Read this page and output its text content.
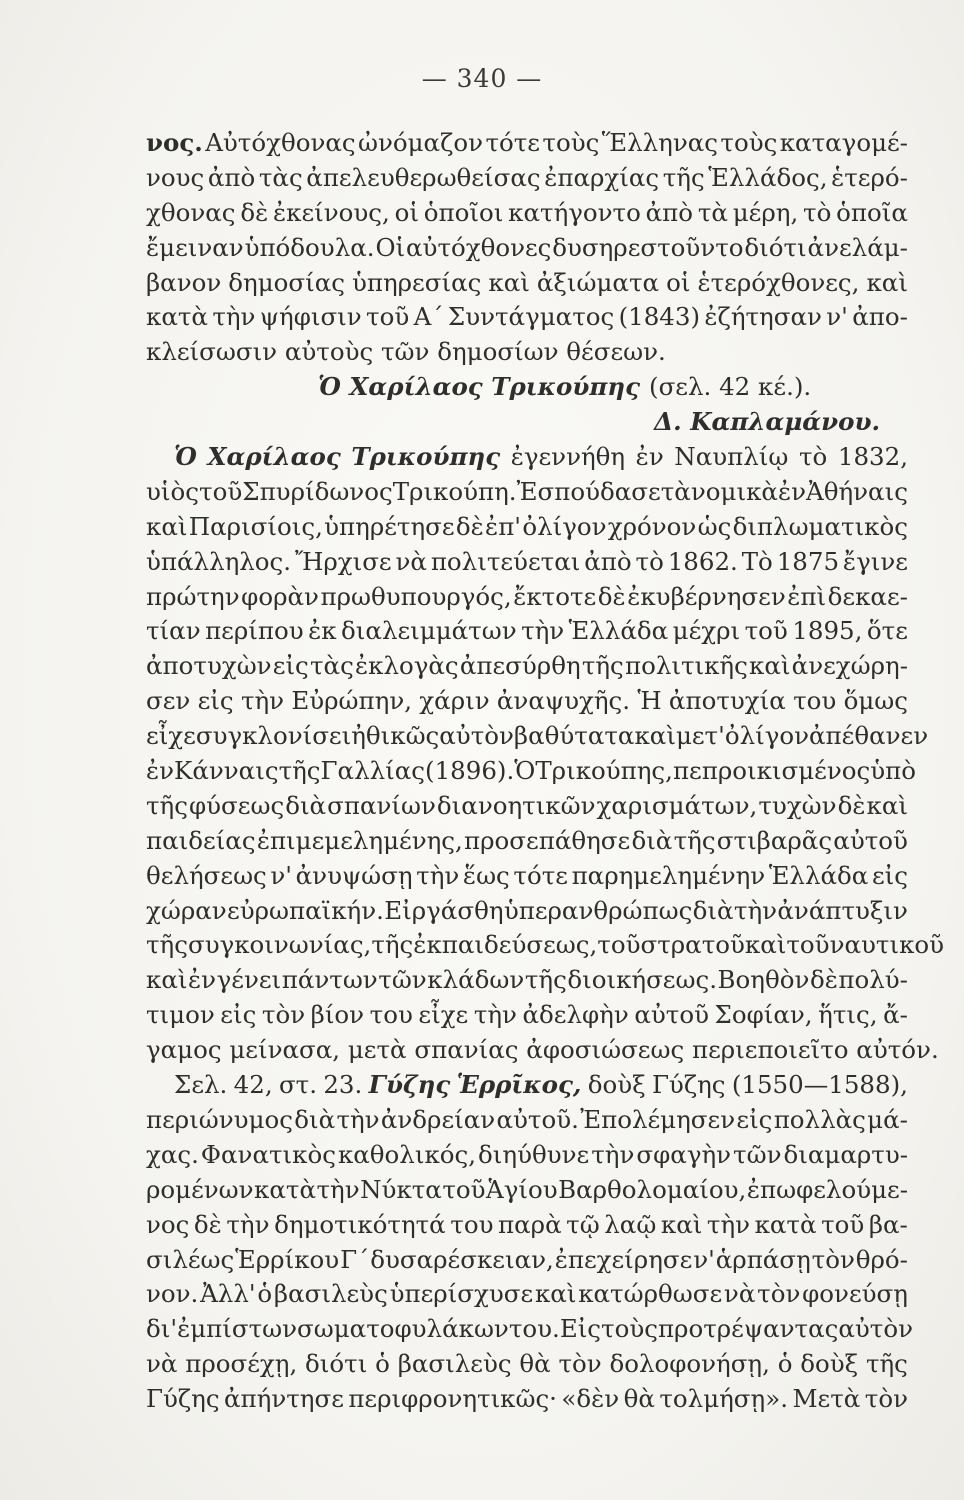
— 340 —
νος. Αὐτόχθονας ὠνόμαζον τότε τοὺς Ἕλληνας τοὺς καταγομέ-
νους ἀπὸ τὰς ἀπελευθερωθείσας ἐπαρχίας τῆς Ἑλλάδος, ἑτερό-
χθονας δὲ ἐκείνους, οἱ ὁποῖοι κατήγοντο ἀπὸ τὰ μέρη, τὸ ὁποῖα
ἔμειναν ὑπόδουλα. Οἱ αὐτόχθονες δυσηρεστοῦντο διότι ἀνελάμ-
βανον δημοσίας ὑπηρεσίας καὶ ἀξιώματα οἱ ἑτερόχθονες, καὶ
κατὰ τὴν ψήφισιν τοῦ Α΄ Συντάγματος (1843) ἐζήτησαν ν' ἀπο-
κλείσωσιν αὐτοὺς τῶν δημοσίων θέσεων.
Ὁ Χαρίλαος Τρικούπης (σελ. 42 κέ.).
Δ. Καπλαμάνου.
Ὁ Χαρίλαος Τρικούπης ἐγεννήθη ἐν Ναυπλίῳ τὸ 1832,
υἱὸς τοῦ Σπυρίδωνος Τρικούπη. Ἐσπούδασε τὰ νομικὰ ἐν Ἀθήναις
καὶ Παρισίοις, ὑπηρέτησε δὲ ἐπ' ὀλίγον χρόνον ὡς διπλωματικὸς
ὑπάλληλος. Ἤρχισε νὰ πολιτεύεται ἀπὸ τὸ 1862. Τὸ 1875 ἔγινε
πρώτην φορὰν πρωθυπουργός, ἔκτοτε δὲ ἐκυβέρνησεν ἐπὶ δεκαε-
τίαν περίπου ἐκ διαλειμμάτων τὴν Ἑλλάδα μέχρι τοῦ 1895, ὅτε
ἀποτυχὼν εἰς τὰς ἐκλογὰς ἀπεσύρθη τῆς πολιτικῆς καὶ ἀνεχώρη-
σεν εἰς τὴν Εὐρώπην, χάριν ἀναψυχῆς. Ἡ ἀποτυχία του ὅμως
εἶχε συγκλονίσει ἠθικῶς αὐτὸν βαθύτατα καὶ μετ' ὀλίγον ἀπέθανεν
ἐν Κάνναις τῆς Γαλλίας (1896). Ὁ Τρικούπης, πεπροικισμένος ὑπὸ
τῆς φύσεως διὰ σπανίων διανοητικῶν χαρισμάτων, τυχὼν δὲ καὶ
παιδείας ἐπιμεμελημένης, προσεπάθησε διὰ τῆς στιβαρᾶς αὐτοῦ
θελήσεως ν' ἀνυψώσῃ τὴν ἕως τότε παρημελημένην Ἑλλάδα εἰς
χώραν εὐρωπαϊκήν. Εἰργάσθη ὑπερανθρώπως διὰ τὴν ἀνάπτυξιν
τῆς συγκοινωνίας, τῆς ἐκπαιδεύσεως, τοῦ στρατοῦ καὶ τοῦ ναυτικοῦ
καὶ ἐν γένει πάντων τῶν κλάδων τῆς διοικήσεως. Βοηθὸν δὲ πολύ-
τιμον εἰς τὸν βίον του εἶχε τὴν ἀδελφὴν αὐτοῦ Σοφίαν, ἥτις, ἄ-
γαμος μείνασα, μετὰ σπανίας ἀφοσιώσεως περιεποιεῖτο αὐτόν.
Σελ. 42, στ. 23. Γύζης Ἑρρῖκος, δοὺξ Γύζης (1550—1588),
περιώνυμος διὰ τὴν ἀνδρείαν αὐτοῦ. Ἐπολέμησεν εἰς πολλὰς μά-
χας. Φανατικὸς καθολικός, διηύθυνε τὴν σφαγὴν τῶν διαμαρτυ-
ρομένων κατὰ τὴν Νύκτα τοῦ Ἁγίου Βαρθολομαίου, ἐπωφελούμε-
νος δὲ τὴν δημοτικότητά του παρὰ τῷ λαῷ καὶ τὴν κατὰ τοῦ βα-
σιλέως Ἑρρίκου Γ΄ δυσαρέσκειαν, ἐπεχείρησε ν' ἁρπάσῃ τὸν θρό-
νον. Ἀλλ' ὁ βασιλεὺς ὑπερίσχυσε καὶ κατώρθωσε νὰ τὸν φονεύσῃ
δι' ἐμπίστων σωματοφυλάκων του. Εἰς τοὺς προτρέψαντας αὐτὸν
νὰ προσέχῃ, διότι ὁ βασιλεὺς θὰ τὸν δολοφονήσῃ, ὁ δοὺξ τῆς
Γύζης ἀπήντησε περιφρονητικῶς· «δὲν θὰ τολμήσῃ». Μετὰ τὸν
